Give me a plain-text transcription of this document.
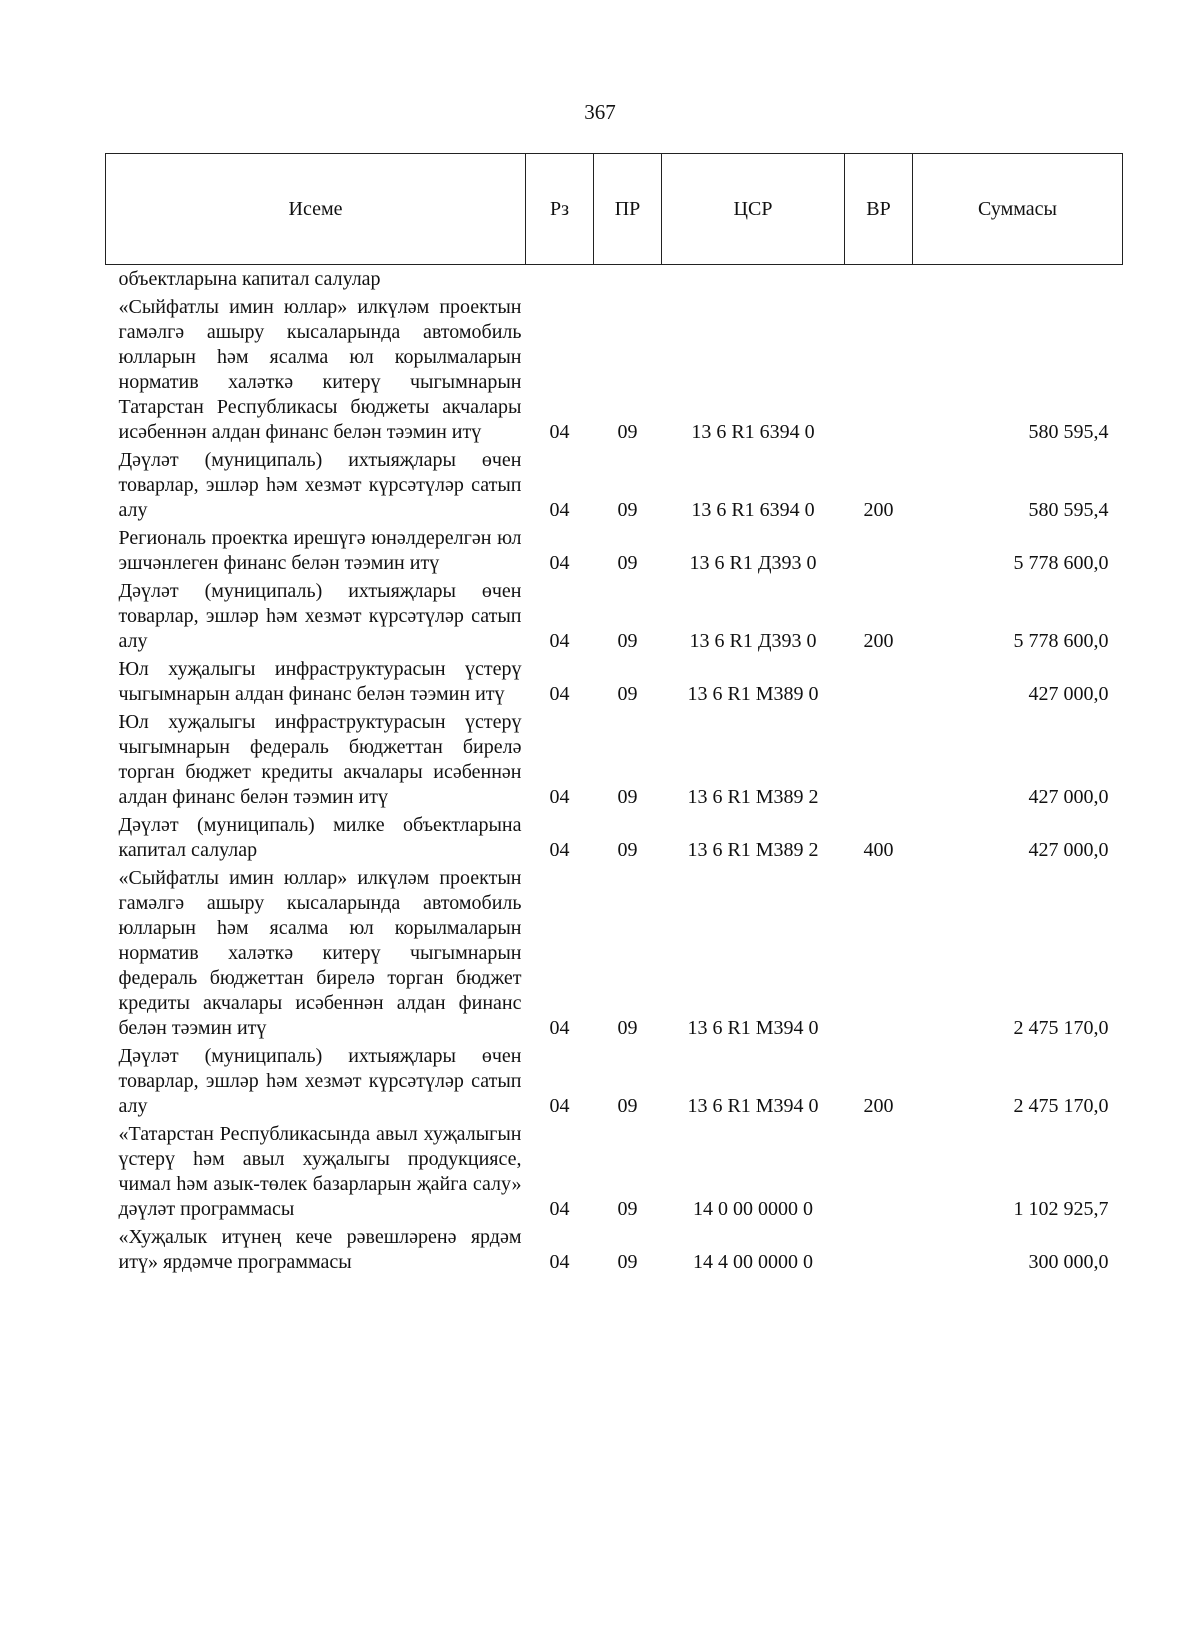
367
Исеме	Рз	ПР	ЦСР	ВР	Суммасы
объектларына капитал салулар					
«Сыйфатлы имин юллар» илкүләм проектын гамәлгә ашыру кысаларында автомобиль юлларын һәм ясалма юл корылмаларын норматив халәткә китерү чыгымнарын Татарстан Республикасы бюджеты акчалары исәбеннән алдан финанс белән тәэмин итү	04	09	13 6 R1 6394 0		580 595,4
Дәүләт (муниципаль) ихтыяҗлары өчен товарлар, эшләр һәм хезмәт күрсәтүләр сатып алу	04	09	13 6 R1 6394 0	200	580 595,4
Региональ проектка ирешүгә юнәлдерелгән юл эшчәнлеген финанс белән тәэмин итү	04	09	13 6 R1 Д393 0		5 778 600,0
Дәүләт (муниципаль) ихтыяҗлары өчен товарлар, эшләр һәм хезмәт күрсәтүләр сатып алу	04	09	13 6 R1 Д393 0	200	5 778 600,0
Юл хуҗалыгы инфраструктурасын үстерү чыгымнарын алдан финанс белән тәэмин итү	04	09	13 6 R1 M389 0		427 000,0
Юл хуҗалыгы инфраструктурасын үстерү чыгымнарын федераль бюджеттан бирелә торган бюджет кредиты акчалары исәбеннән алдан финанс белән тәэмин итү	04	09	13 6 R1 M389 2		427 000,0
Дәүләт (муниципаль) милке объектларына капитал салулар	04	09	13 6 R1 M389 2	400	427 000,0
«Сыйфатлы имин юллар» илкүләм проектын гамәлгә ашыру кысаларында автомобиль юлларын һәм ясалма юл корылмаларын норматив халәткә китерү чыгымнарын федераль бюджеттан бирелә торган бюджет кредиты акчалары исәбеннән алдан финанс белән тәэмин итү	04	09	13 6 R1 M394 0		2 475 170,0
Дәүләт (муниципаль) ихтыяҗлары өчен товарлар, эшләр һәм хезмәт күрсәтүләр сатып алу	04	09	13 6 R1 M394 0	200	2 475 170,0
«Татарстан Республикасында авыл хуҗалыгын үстерү һәм авыл хуҗалыгы продукциясе, чимал һәм азык-төлек базарларын җайга салу» дәүләт программасы	04	09	14 0 00 0000 0		1 102 925,7
«Хуҗалык итүнең кече рәвешләренә ярдәм итү» ярдәмче программасы	04	09	14 4 00 0000 0		300 000,0
